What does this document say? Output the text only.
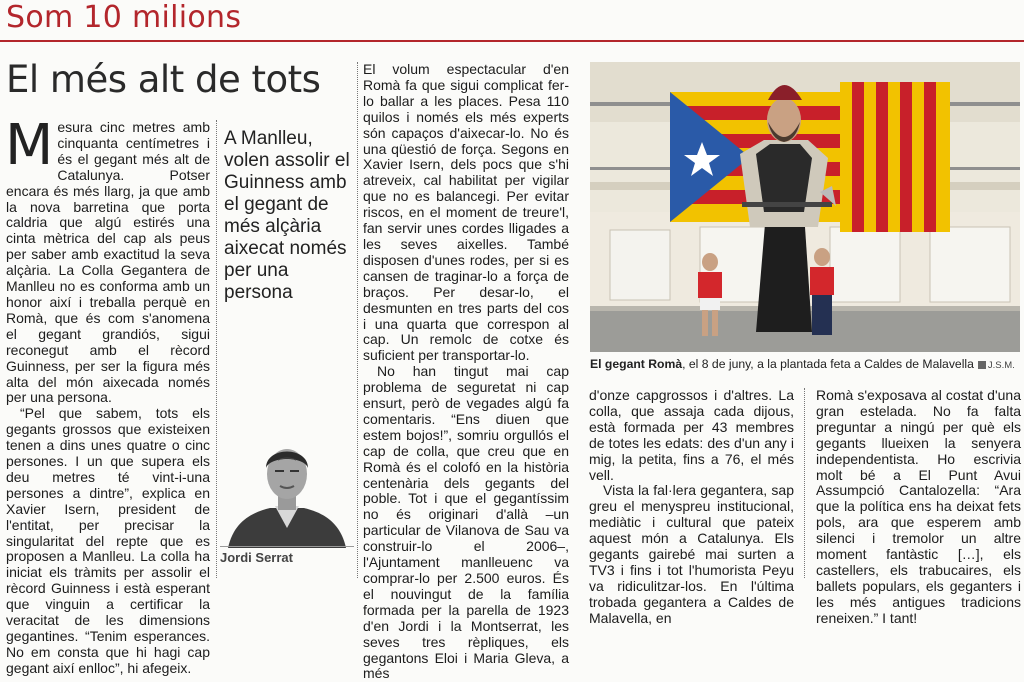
Som 10 milions
El més alt de tots

Mesura cinc metres amb cinquanta centímetres i és el gegant més alt de Catalunya. Potser encara és més llarg, ja que amb la nova barretina que porta caldria que algú estirés una cinta mètrica del cap als peus per saber amb exactitud la seva alçària. La Colla Gegantera de Manlleu no es conforma amb un honor així i treballa perquè en Romà, que és com s'anomena el gegant grandiós, sigui reconegut amb el rècord Guinness, per ser la figura més alta del món aixecada només per una persona.

“Pel que sabem, tots els gegants grossos que existeixen tenen a dins unes quatre o cinc persones. I un que supera els deu metres té vint-i-una persones a dintre”, explica en Xavier Isern, president de l'entitat, per precisar la singularitat del repte que es proposen a Manlleu. La colla ha iniciat els tràmits per assolir el rècord Guinness i està esperant que vinguin a certificar la veracitat de les dimensions gegantines. “Tenim esperances. No em consta que hi hagi cap gegant així enlloc”, hi afegeix.

A Manlleu, volen assolir el Guinness amb el gegant de més alçària aixecat només per una persona
Jordi Serrat

El volum espectacular d'en Romà fa que sigui complicat fer-lo ballar a les places. Pesa 110 quilos i només els més experts són capaços d'aixecar-lo. No és una qüestió de força. Segons en Xavier Isern, dels pocs que s'hi atreveix, cal habilitat per vigilar que no es balancegi. Per evitar riscos, en el moment de treure'l, fan servir unes cordes lligades a les seves aixelles. També disposen d'unes rodes, per si es cansen de traginar-lo a força de braços. Per desar-lo, el desmunten en tres parts del cos i una quarta que correspon al cap. Un remolc de cotxe és suficient per transportar-lo.

No han tingut mai cap problema de seguretat ni cap ensurt, però de vegades algú fa comentaris. “Ens diuen que estem bojos!”, somriu orgullós el cap de colla, que creu que en Romà és el colofó en la història centenària dels gegants del poble. Tot i que el gegantíssim no és originari d'allà –un particular de Vilanova de Sau va construir-lo el 2006–, l'Ajuntament manlleuenc va comprar-lo per 2.500 euros. És el nouvingut de la família formada per la parella de 1923 d'en Jordi i la Montserrat, les seves tres rèpliques, els gegantons Eloi i Maria Gleva, a més

El gegant Romà, el 8 de juny, a la plantada feta a Caldes de Malavella J.S.M.

d'onze capgrossos i d'altres. La colla, que assaja cada dijous, està formada per 43 membres de totes les edats: des d'un any i mig, la petita, fins a 76, el més vell.

Vista la fal·lera gegantera, sap greu el menyspreu institucional, mediàtic i cultural que pateix aquest món a Catalunya. Els gegants gairebé mai surten a TV3 i fins i tot l'humorista Peyu va ridiculitzar-los. En l'última trobada gegantera a Caldes de Malavella, en

Romà s'exposava al costat d'una gran estelada. No fa falta preguntar a ningú per què els gegants llueixen la senyera independentista. Ho escrivia molt bé a El Punt Avui Assumpció Cantalozella: “Ara que la política ens ha deixat fets pols, ara que esperem amb silenci i tremolor un altre moment fantàstic […], els castellers, els trabucaires, els ballets populars, els geganters i les més antigues tradicions reneixen.” I tant!
